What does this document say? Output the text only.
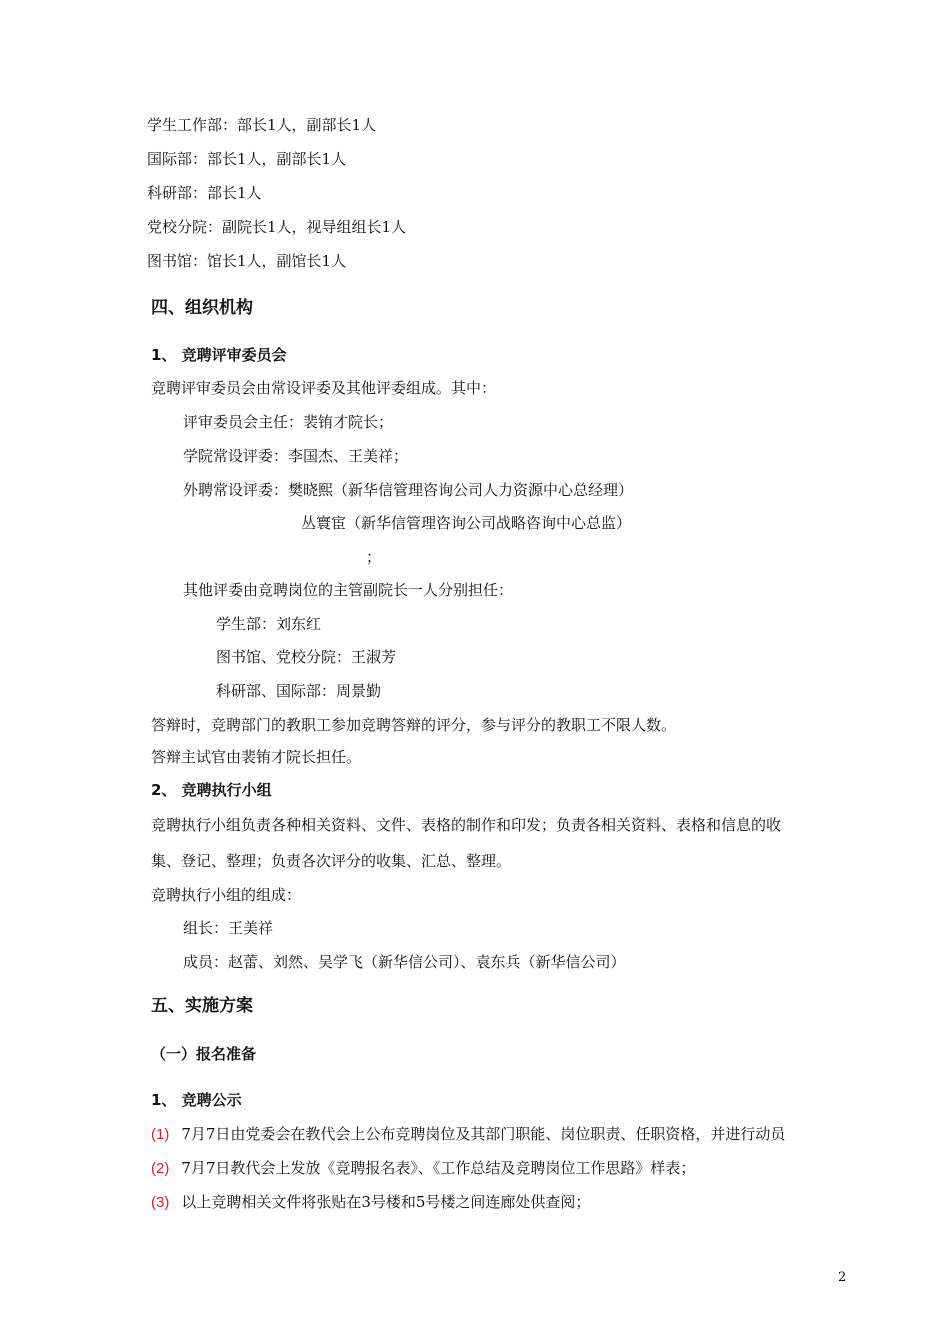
学生工作部：部长1人，副部长1人
国际部：部长1人，副部长1人
科研部：部长1人
党校分院：副院长1人，视导组组长1人
图书馆：馆长1人，副馆长1人
四、组织机构
1、 竞聘评审委员会
竞聘评审委员会由常设评委及其他评委组成。其中：
评审委员会主任：裴铕才院长；
学院常设评委：李国杰、王美祥；
外聘常设评委：樊晓熙（新华信管理咨询公司人力资源中心总经理）
丛寰宦（新华信管理咨询公司战略咨询中心总监）
；
其他评委由竞聘岗位的主管副院长一人分别担任：
学生部：刘东红
图书馆、党校分院：王淑芳
科研部、国际部：周景勤
答辩时，竞聘部门的教职工参加竞聘答辩的评分，参与评分的教职工不限人数。
答辩主试官由裴铕才院长担任。
2、 竞聘执行小组
竞聘执行小组负责各种相关资料、文件、表格的制作和印发；负责各相关资料、表格和信息的收
集、登记、整理；负责各次评分的收集、汇总、整理。
竞聘执行小组的组成：
组长：王美祥
成员：赵蕾、刘然、吴学飞（新华信公司）、袁东兵（新华信公司）
五、实施方案
（一）报名准备
1、 竞聘公示
(1) 7月7日由党委会在教代会上公布竞聘岗位及其部门职能、岗位职责、任职资格，并进行动员
(2) 7月7日教代会上发放《竞聘报名表》、《工作总结及竞聘岗位工作思路》样表；
(3) 以上竞聘相关文件将张贴在3号楼和5号楼之间连廊处供查阅；
2
